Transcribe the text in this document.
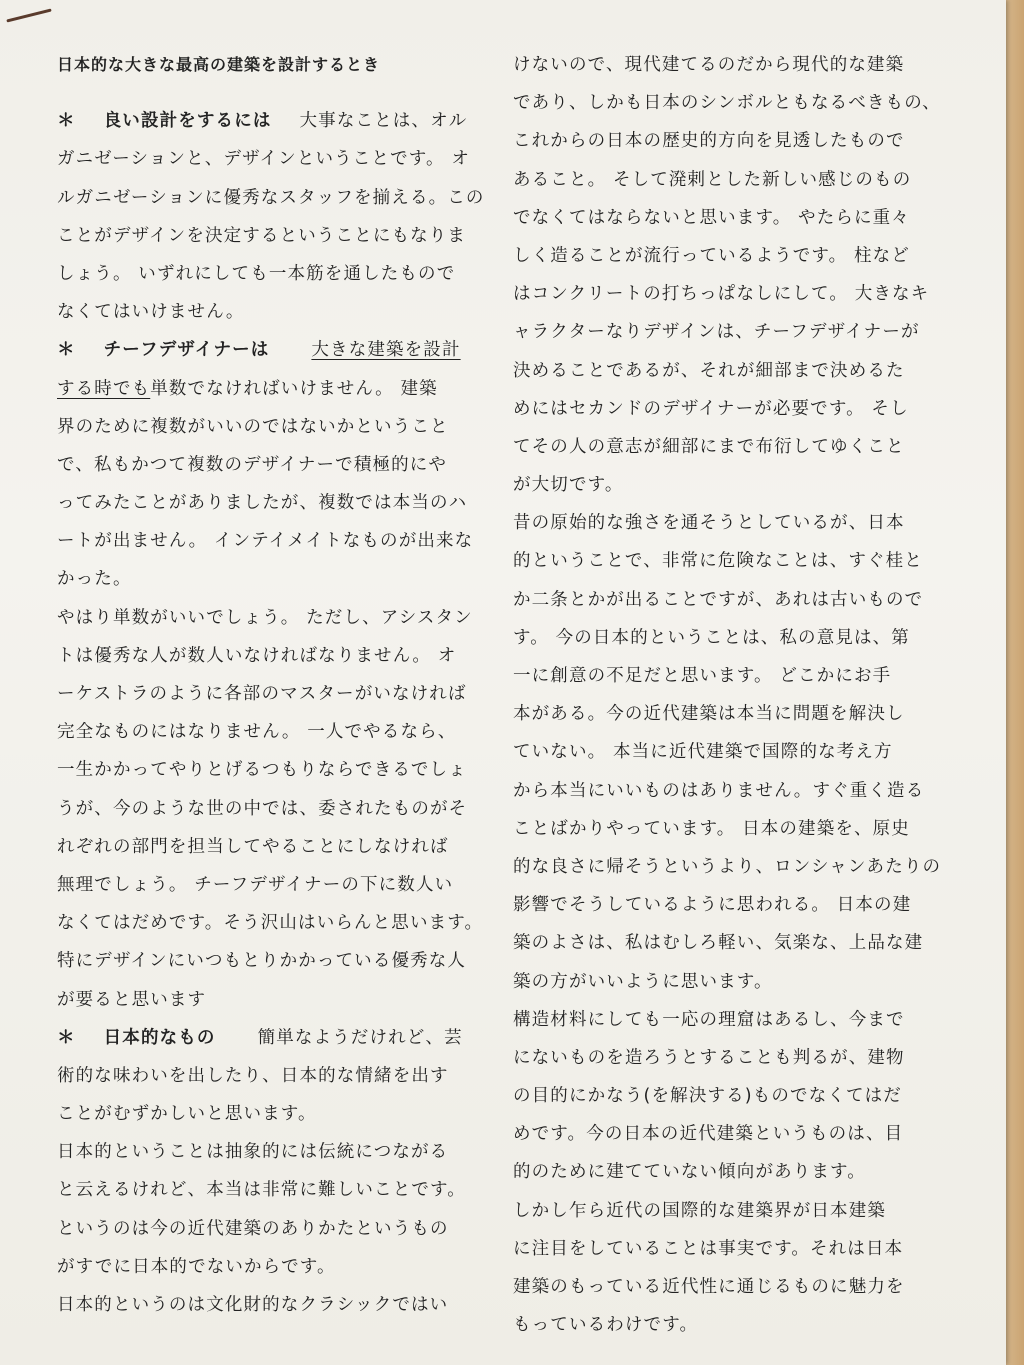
日本的な大きな最高の建築を設計するとき
＊ 良い設計をするには 大事なことは、オル
ガニゼーションと、デザインということです。 オ
ルガニゼーションに優秀なスタッフを揃える。この
ことがデザインを決定するということにもなりま
しょう。 いずれにしても一本筋を通したもので
なくてはいけません。
＊ チーフデザイナーは 大きな建築を設計
する時でも単数でなければいけません。 建築
界のために複数がいいのではないかということ
で、私もかつて複数のデザイナーで積極的にや
ってみたことがありましたが、複数では本当のハ
ートが出ません。 インテイメイトなものが出来な
かった。
やはり単数がいいでしょう。 ただし、アシスタン
トは優秀な人が数人いなければなりません。 オ
ーケストラのように各部のマスターがいなければ
完全なものにはなりません。 一人でやるなら、
一生かかってやりとげるつもりならできるでしょ
うが、今のような世の中では、委されたものがそ
れぞれの部門を担当してやることにしなければ
無理でしょう。 チーフデザイナーの下に数人い
なくてはだめです。そう沢山はいらんと思います。
特にデザインにいつもとりかかっている優秀な人
が要ると思います
＊ 日本的なもの 簡単なようだけれど、芸
術的な味わいを出したり、日本的な情緒を出す
ことがむずかしいと思います。
日本的ということは抽象的には伝統につながる
と云えるけれど、本当は非常に難しいことです。
というのは今の近代建築のありかたというもの
がすでに日本的でないからです。
日本的というのは文化財的なクラシックではい
けないので、現代建てるのだから現代的な建築
であり、しかも日本のシンボルともなるべきもの、
これからの日本の歴史的方向を見透したもので
あること。 そして溌剌とした新しい感じのもの
でなくてはならないと思います。 やたらに重々
しく造ることが流行っているようです。 柱など
はコンクリートの打ちっぱなしにして。 大きなキ
ャラクターなりデザインは、チーフデザイナーが
決めることであるが、それが細部まで決めるた
めにはセカンドのデザイナーが必要です。 そし
てその人の意志が細部にまで布衍してゆくこと
が大切です。
昔の原始的な強さを通そうとしているが、日本
的ということで、非常に危険なことは、すぐ桂と
か二条とかが出ることですが、あれは古いもので
す。 今の日本的ということは、私の意見は、第
一に創意の不足だと思います。 どこかにお手
本がある。今の近代建築は本当に問題を解決し
ていない。 本当に近代建築で国際的な考え方
から本当にいいものはありません。すぐ重く造る
ことばかりやっています。 日本の建築を、原史
的な良さに帰そうというより、ロンシャンあたりの
影響でそうしているように思われる。 日本の建
築のよさは、私はむしろ軽い、気楽な、上品な建
築の方がいいように思います。
構造材料にしても一応の理窟はあるし、今まで
にないものを造ろうとすることも判るが、建物
の目的にかなう(を解決する)ものでなくてはだ
めです。今の日本の近代建築というものは、目
的のために建てていない傾向があります。
しかし乍ら近代の国際的な建築界が日本建築
に注目をしていることは事実です。それは日本
建築のもっている近代性に通じるものに魅力を
もっているわけです。
